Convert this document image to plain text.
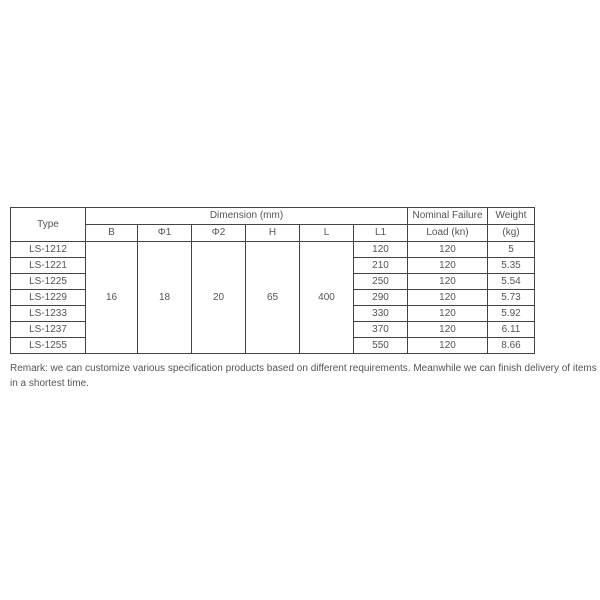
Type	Dimension (mm)						Nominal Failure	Weight
	B	Φ1	Φ2	H	L	L1	Load (kn)	(kg)
LS-1212	16	18	20	65	400	120	120	5
LS-1221						210	120	5.35
LS-1225						250	120	5.54
LS-1229						290	120	5.73
LS-1233						330	120	5.92
LS-1237						370	120	6.11
LS-1255						550	120	8.66
Remark: we can customize various specification products based on different requirements. Meanwhile we can finish delivery of items in a shortest time.
